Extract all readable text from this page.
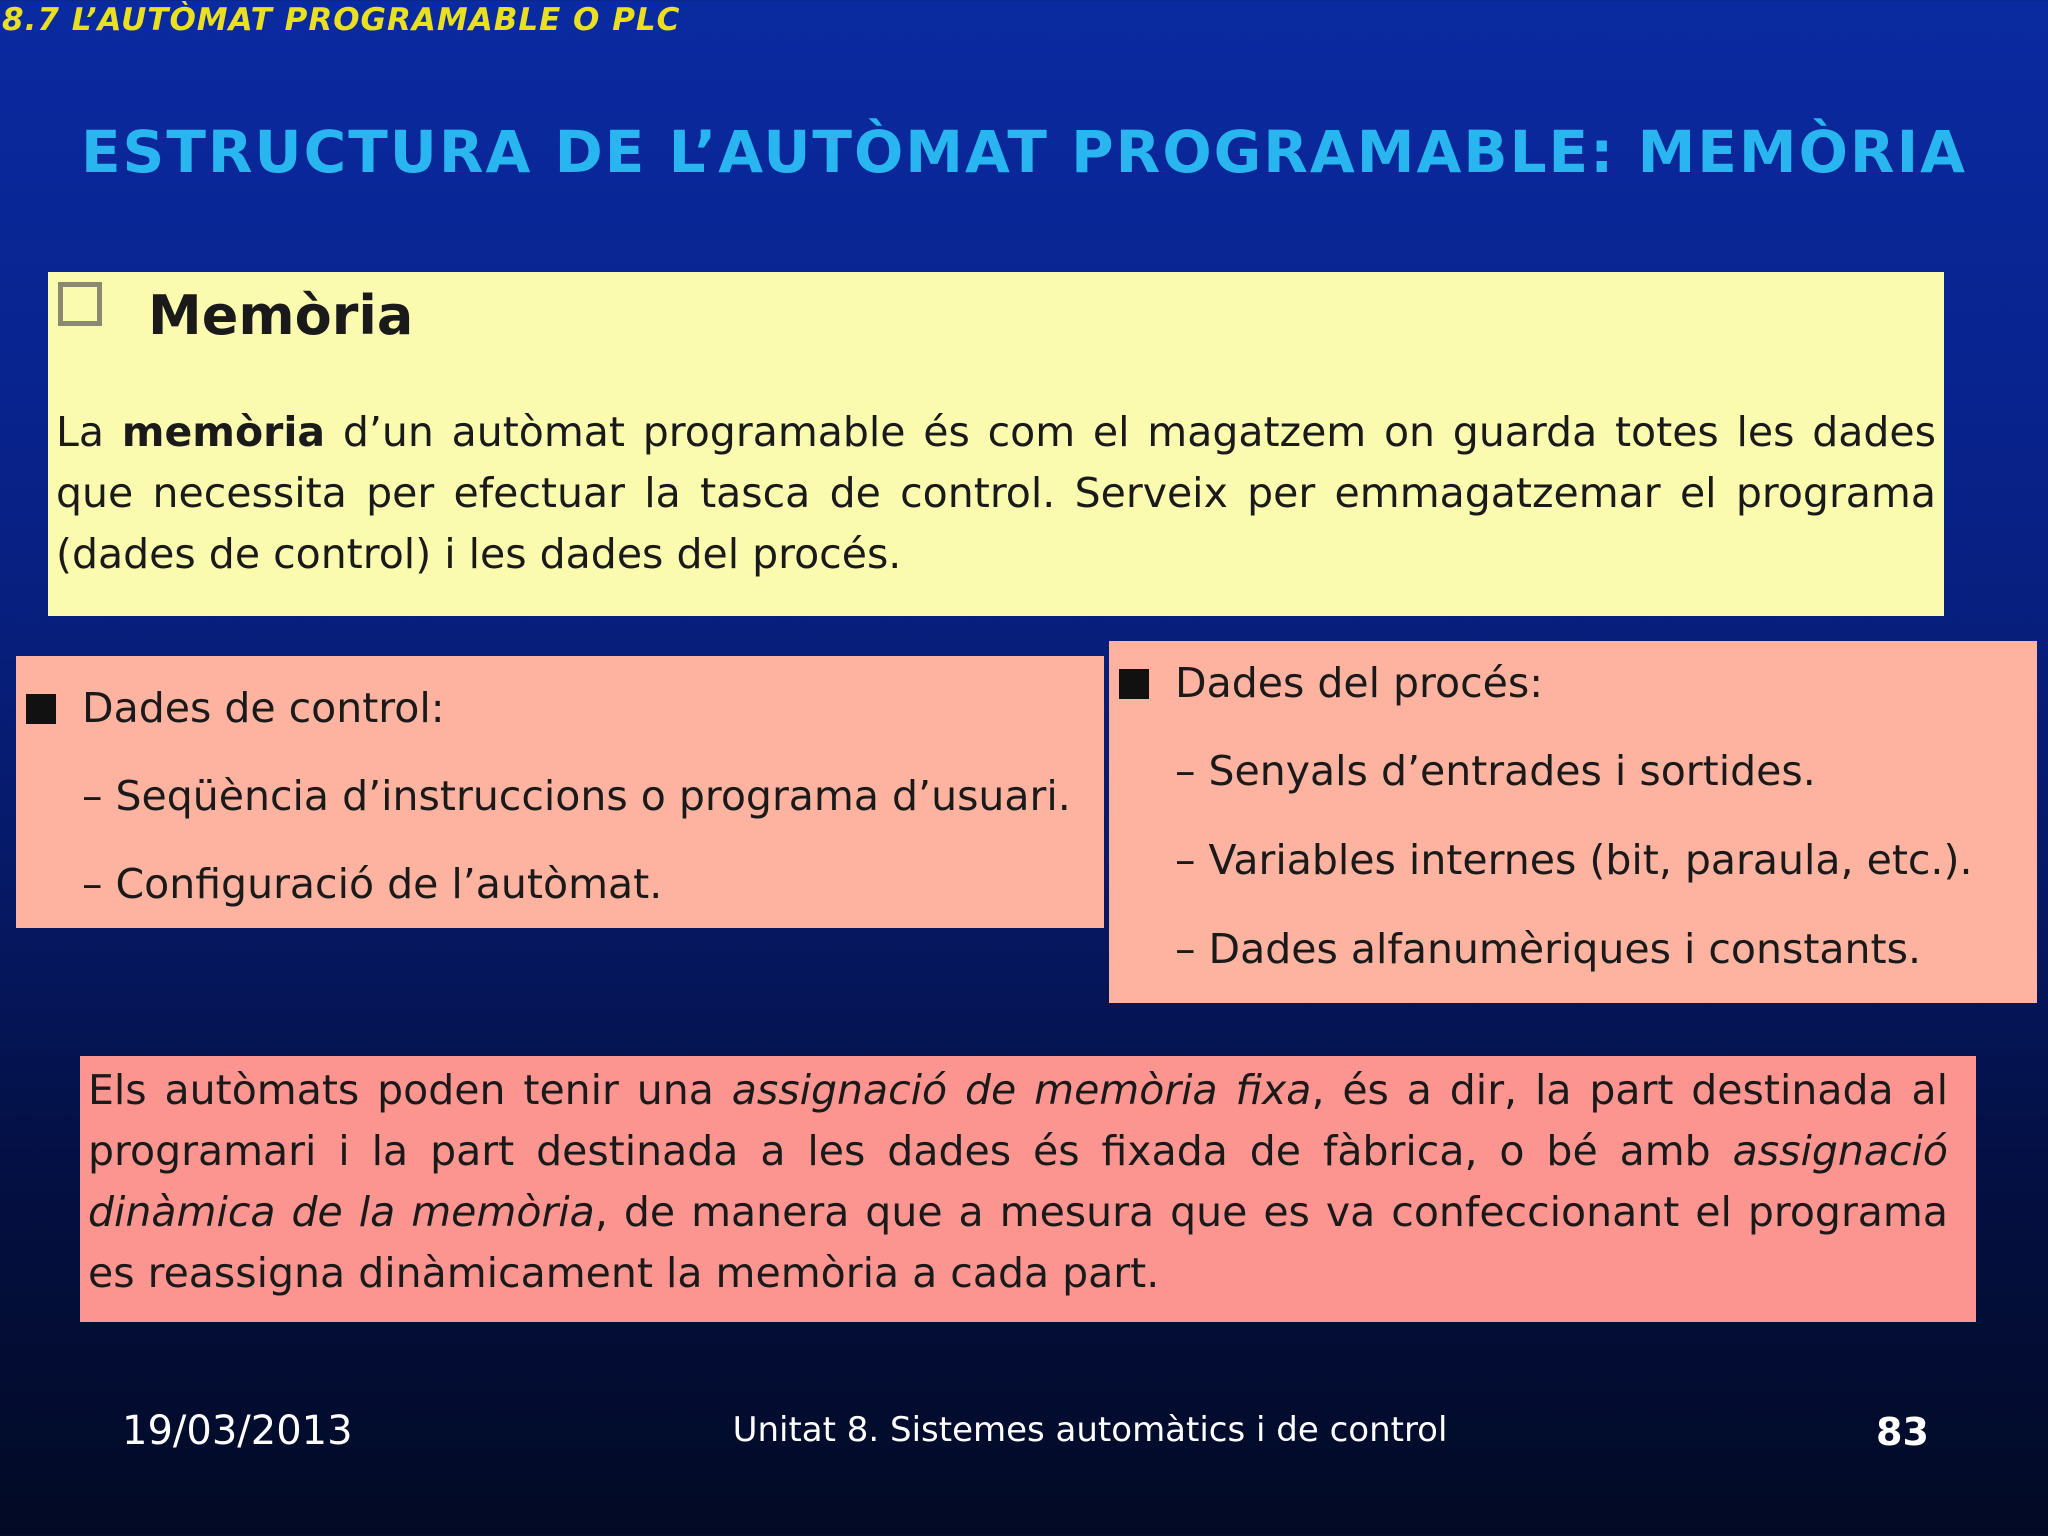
8.7 L’AUTÒMAT PROGRAMABLE O PLC
ESTRUCTURA DE L’AUTÒMAT PROGRAMABLE: MEMÒRIA
Memòria
La memòria d’un autòmat programable és com el magatzem on guarda totes les dades que necessita per efectuar la tasca de control. Serveix per emmagatzemar el programa (dades de control) i les dades del procés.
Dades de control:
– Seqüència d’instruccions o programa d’usuari.
– Configuració de l’autòmat.
Dades del procés:
– Senyals d’entrades i sortides.
– Variables internes (bit, paraula, etc.).
– Dades alfanumèriques i constants.
Els autòmats poden tenir una assignació de memòria fixa, és a dir, la part destinada al programari i la part destinada a les dades és fixada de fàbrica, o bé amb assignació dinàmica de la memòria, de manera que a mesura que es va confeccionant el programa es reassigna dinàmicament la memòria a cada part.
19/03/2013	Unitat 8. Sistemes automàtics i de control	83
